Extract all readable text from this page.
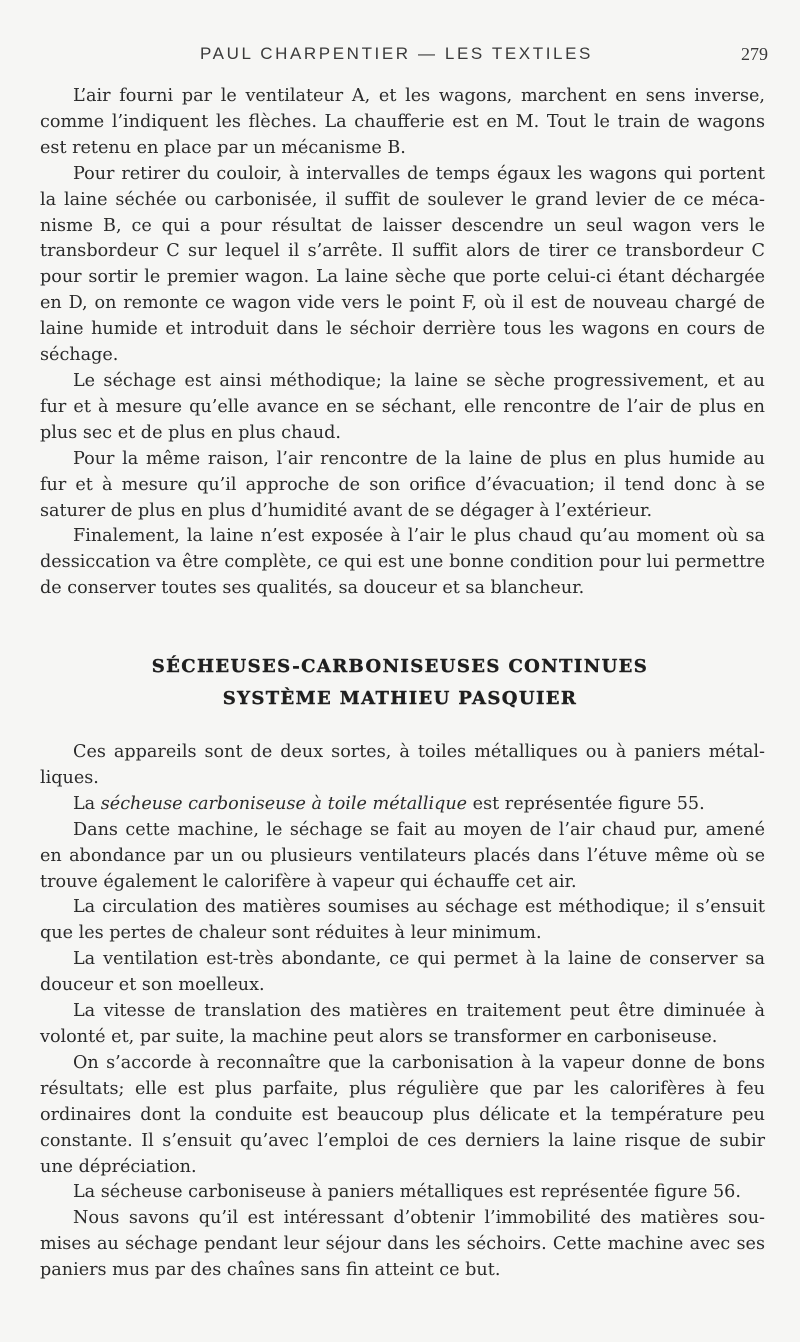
PAUL CHARPENTIER — LES TEXTILES	279

L’air fourni par le ventilateur A, et les wagons, marchent en sens inverse, comme l’indiquent les flèches. La chaufferie est en M. Tout le train de wagons est retenu en place par un mécanisme B.

Pour retirer du couloir, à intervalles de temps égaux les wagons qui portent la laine séchée ou carbonisée, il suffit de soulever le grand levier de ce méca-nisme B, ce qui a pour résultat de laisser descendre un seul wagon vers le transbordeur C sur lequel il s’arrête. Il suffit alors de tirer ce transbordeur C pour sortir le premier wagon. La laine sèche que porte celui-ci étant déchargée en D, on remonte ce wagon vide vers le point F, où il est de nouveau chargé de laine humide et introduit dans le séchoir derrière tous les wagons en cours de séchage.

Le séchage est ainsi méthodique; la laine se sèche progressivement, et au fur et à mesure qu’elle avance en se séchant, elle rencontre de l’air de plus en plus sec et de plus en plus chaud.

Pour la même raison, l’air rencontre de la laine de plus en plus humide au fur et à mesure qu’il approche de son orifice d’évacuation; il tend donc à se saturer de plus en plus d’humidité avant de se dégager à l’extérieur.

Finalement, la laine n’est exposée à l’air le plus chaud qu’au moment où sa dessiccation va être complète, ce qui est une bonne condition pour lui permettre de conserver toutes ses qualités, sa douceur et sa blancheur.

SÉCHEUSES-CARBONISEUSES CONTINUES
SYSTÈME MATHIEU PASQUIER

Ces appareils sont de deux sortes, à toiles métalliques ou à paniers métal-liques.

La sécheuse carboniseuse à toile métallique est représentée figure 55.

Dans cette machine, le séchage se fait au moyen de l’air chaud pur, amené en abondance par un ou plusieurs ventilateurs placés dans l’étuve même où se trouve également le calorifère à vapeur qui échauffe cet air.

La circulation des matières soumises au séchage est méthodique; il s’ensuit que les pertes de chaleur sont réduites à leur minimum.

La ventilation est-très abondante, ce qui permet à la laine de conserver sa douceur et son moelleux.

La vitesse de translation des matières en traitement peut être diminuée à volonté et, par suite, la machine peut alors se transformer en carboniseuse.

On s’accorde à reconnaître que la carbonisation à la vapeur donne de bons résultats; elle est plus parfaite, plus régulière que par les calorifères à feu ordinaires dont la conduite est beaucoup plus délicate et la température peu constante. Il s’ensuit qu’avec l’emploi de ces derniers la laine risque de subir une dépréciation.

La sécheuse carboniseuse à paniers métalliques est représentée figure 56.

Nous savons qu’il est intéressant d’obtenir l’immobilité des matières sou-mises au séchage pendant leur séjour dans les séchoirs. Cette machine avec ses paniers mus par des chaînes sans fin atteint ce but.
